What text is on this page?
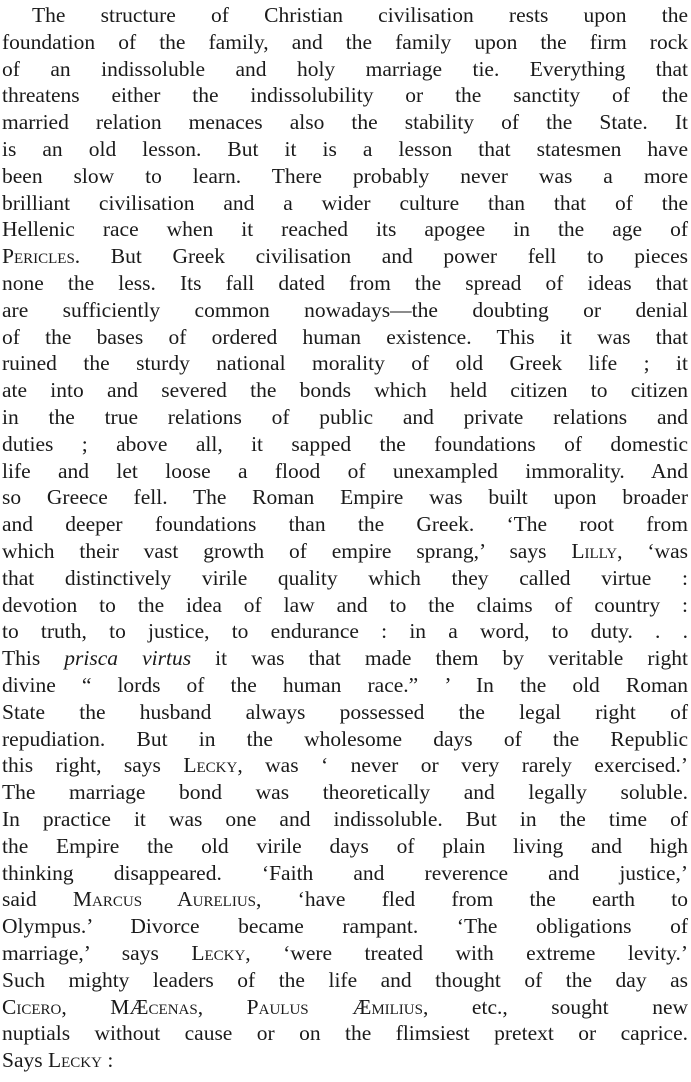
The structure of Christian civilisation rests upon the
foundation of the family, and the family upon the firm rock
of an indissoluble and holy marriage tie. Everything that
threatens either the indissolubility or the sanctity of the
married relation menaces also the stability of the State. It
is an old lesson. But it is a lesson that statesmen have
been slow to learn. There probably never was a more
brilliant civilisation and a wider culture than that of the
Hellenic race when it reached its apogee in the age of
Pericles. But Greek civilisation and power fell to pieces
none the less. Its fall dated from the spread of ideas that
are sufficiently common nowadays—the doubting or denial
of the bases of ordered human existence. This it was that
ruined the sturdy national morality of old Greek life ; it
ate into and severed the bonds which held citizen to citizen
in the true relations of public and private relations and
duties ; above all, it sapped the foundations of domestic
life and let loose a flood of unexampled immorality. And
so Greece fell. The Roman Empire was built upon broader
and deeper foundations than the Greek. ‘The root from
which their vast growth of empire sprang,’ says Lilly, ‘was
that distinctively virile quality which they called virtue :
devotion to the idea of law and to the claims of country :
to truth, to justice, to endurance : in a word, to duty. . .
This prisca virtus it was that made them by veritable right
divine “ lords of the human race.” ’ In the old Roman
State the husband always possessed the legal right of
repudiation. But in the wholesome days of the Republic
this right, says Lecky, was ‘ never or very rarely exercised.’
The marriage bond was theoretically and legally soluble.
In practice it was one and indissoluble. But in the time of
the Empire the old virile days of plain living and high
thinking disappeared. ‘Faith and reverence and justice,’
said Marcus Aurelius, ‘have fled from the earth to
Olympus.’ Divorce became rampant. ‘The obligations of
marriage,’ says Lecky, ‘were treated with extreme levity.’
Such mighty leaders of the life and thought of the day as
Cicero, MÆcenas, Paulus Æmilius, etc., sought new
nuptials without cause or on the flimsiest pretext or caprice.
Says Lecky :
